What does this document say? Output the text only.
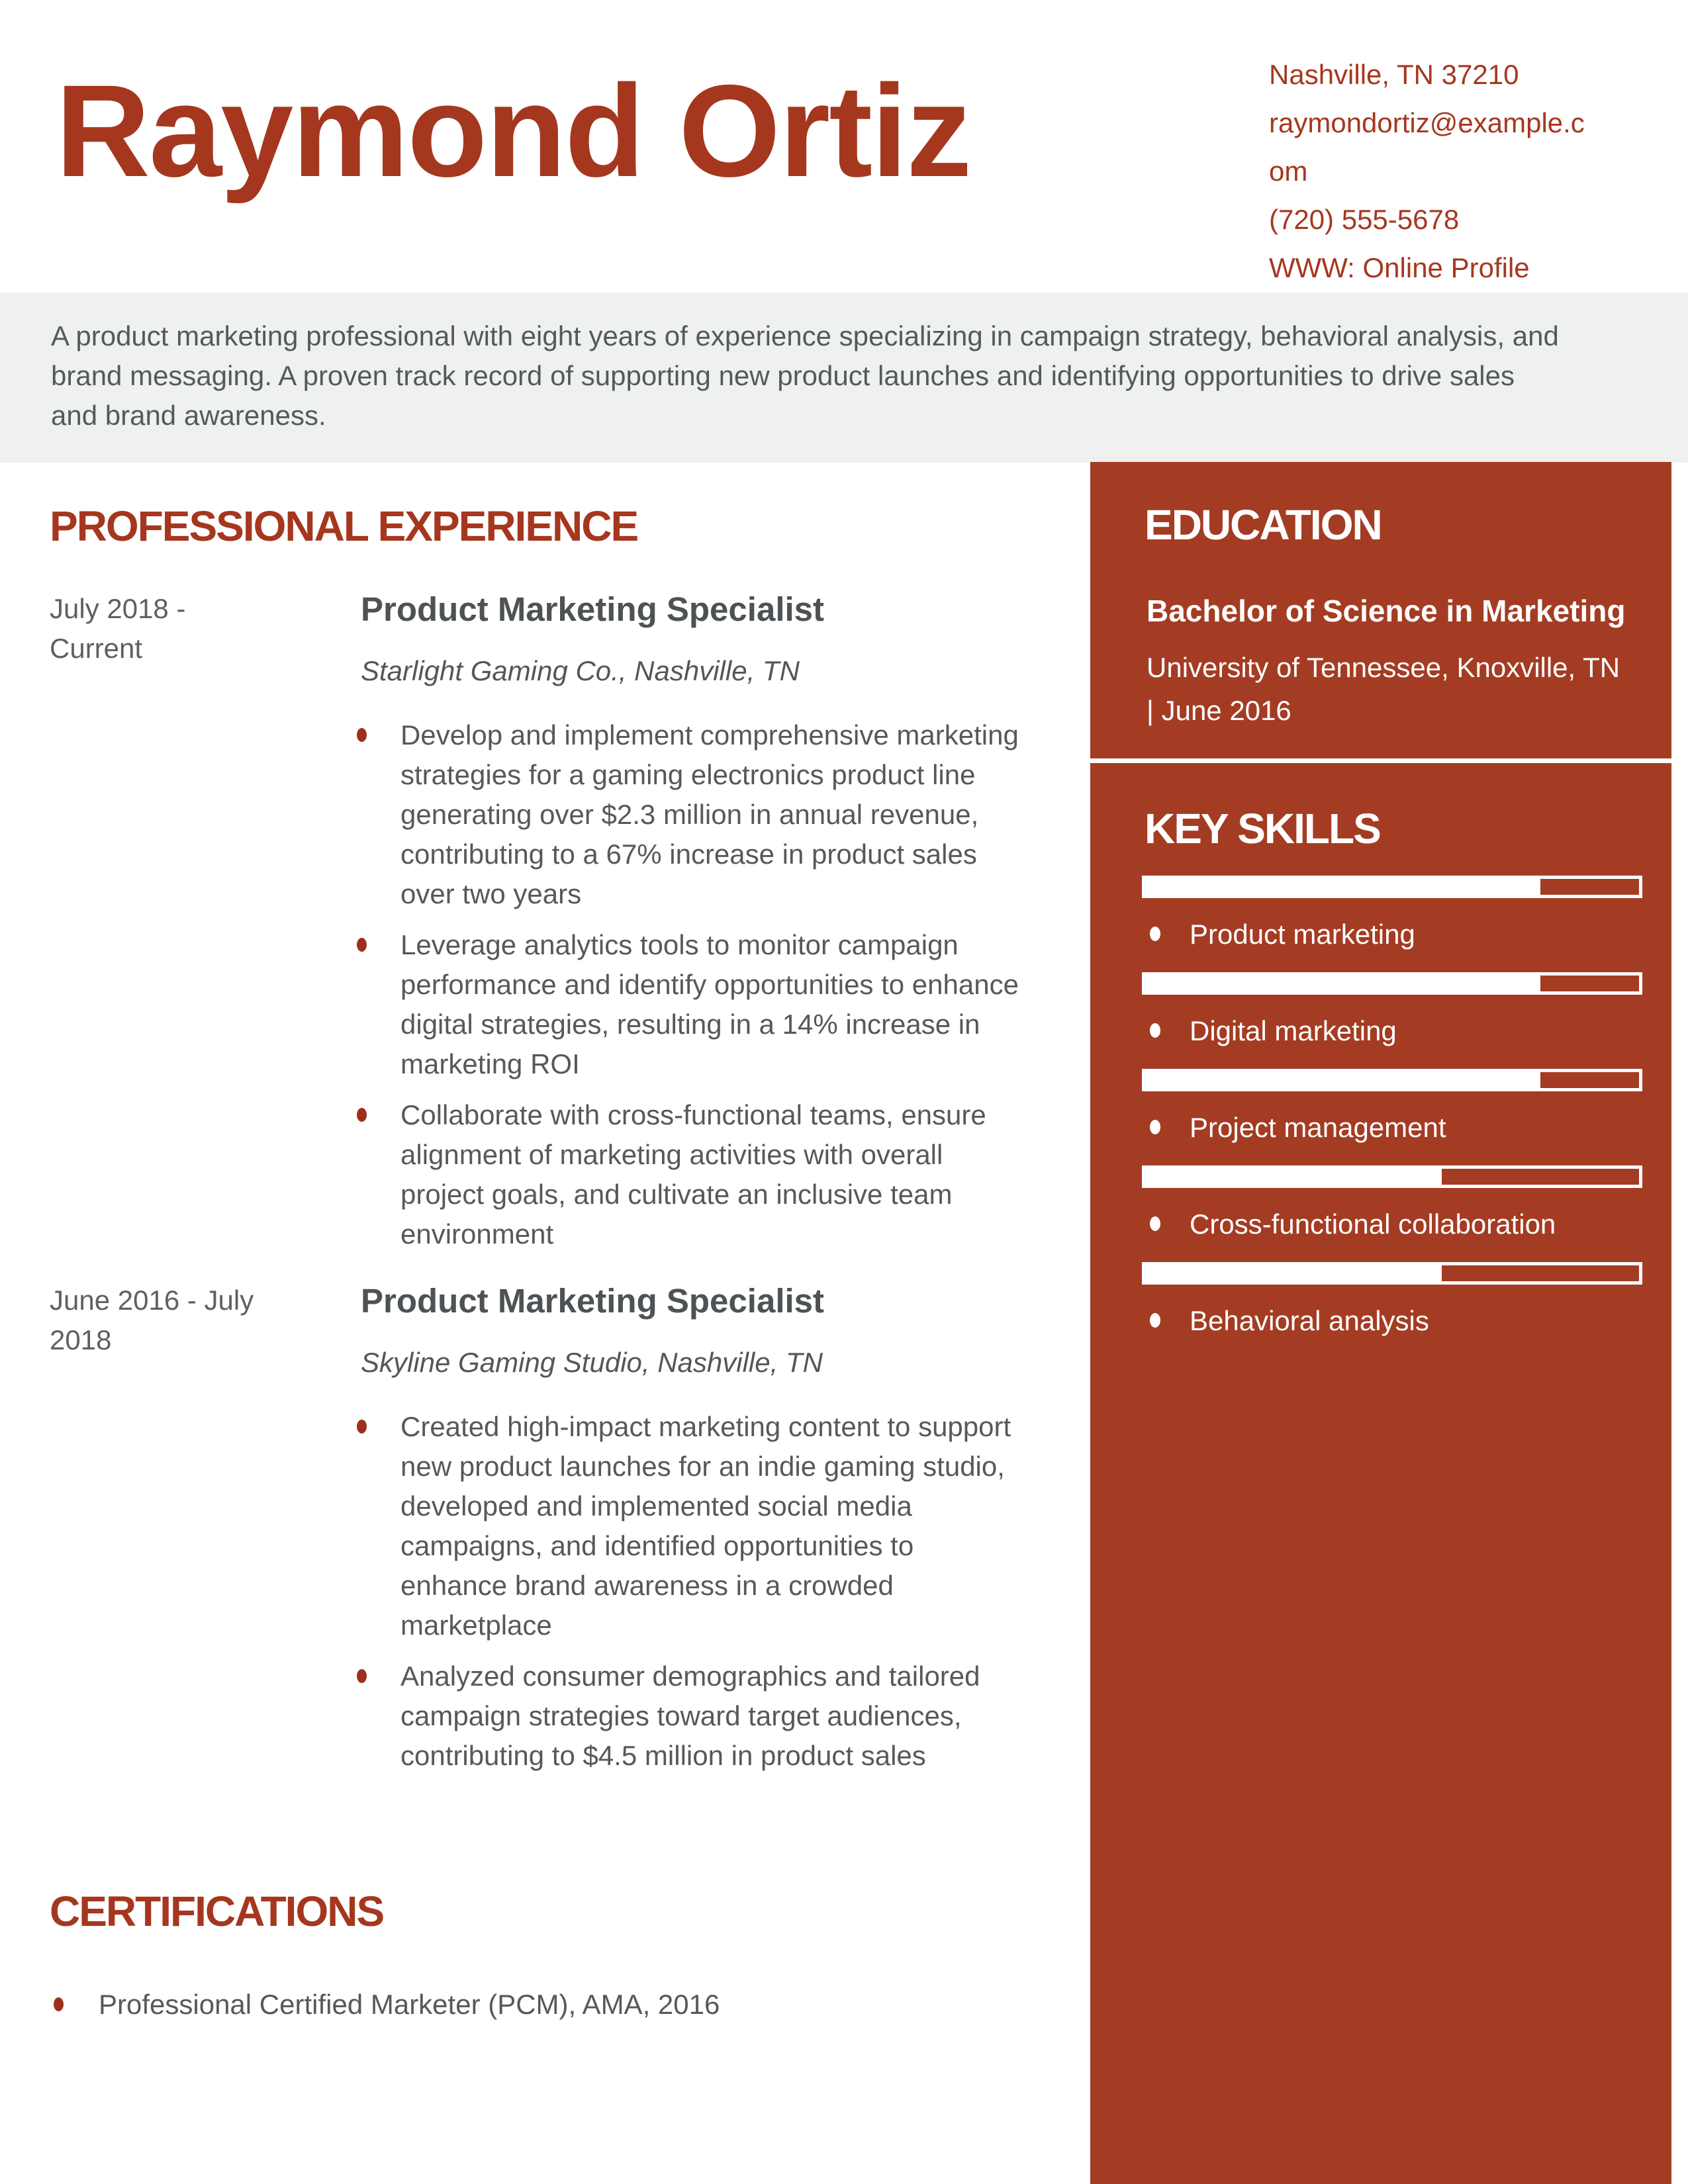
Raymond Ortiz	Nashville, TN 37210
raymondortiz@example.com
(720) 555-5678
WWW: Online Profile

A product marketing professional with eight years of experience specializing in campaign strategy, behavioral analysis, and brand messaging. A proven track record of supporting new product launches and identifying opportunities to drive sales and brand awareness.

EDUCATION
Bachelor of Science in Marketing
University of Tennessee, Knoxville, TN | June 2016
KEY SKILLS
Product marketing
Digital marketing
Project management
Cross-functional collaboration
Behavioral analysis
PROFESSIONAL EXPERIENCE
July 2018 - Current
Product Marketing Specialist
Starlight Gaming Co., Nashville, TN
Develop and implement comprehensive marketing strategies for a gaming electronics product line generating over $2.3 million in annual revenue, contributing to a 67% increase in product sales over two years
Leverage analytics tools to monitor campaign performance and identify opportunities to enhance digital strategies, resulting in a 14% increase in marketing ROI
Collaborate with cross-functional teams, ensure alignment of marketing activities with overall project goals, and cultivate an inclusive team environment
June 2016 - July 2018
Product Marketing Specialist
Skyline Gaming Studio, Nashville, TN
Created high-impact marketing content to support new product launches for an indie gaming studio, developed and implemented social media campaigns, and identified opportunities to enhance brand awareness in a crowded marketplace
Analyzed consumer demographics and tailored campaign strategies toward target audiences, contributing to $4.5 million in product sales
CERTIFICATIONS
Professional Certified Marketer (PCM), AMA, 2016
